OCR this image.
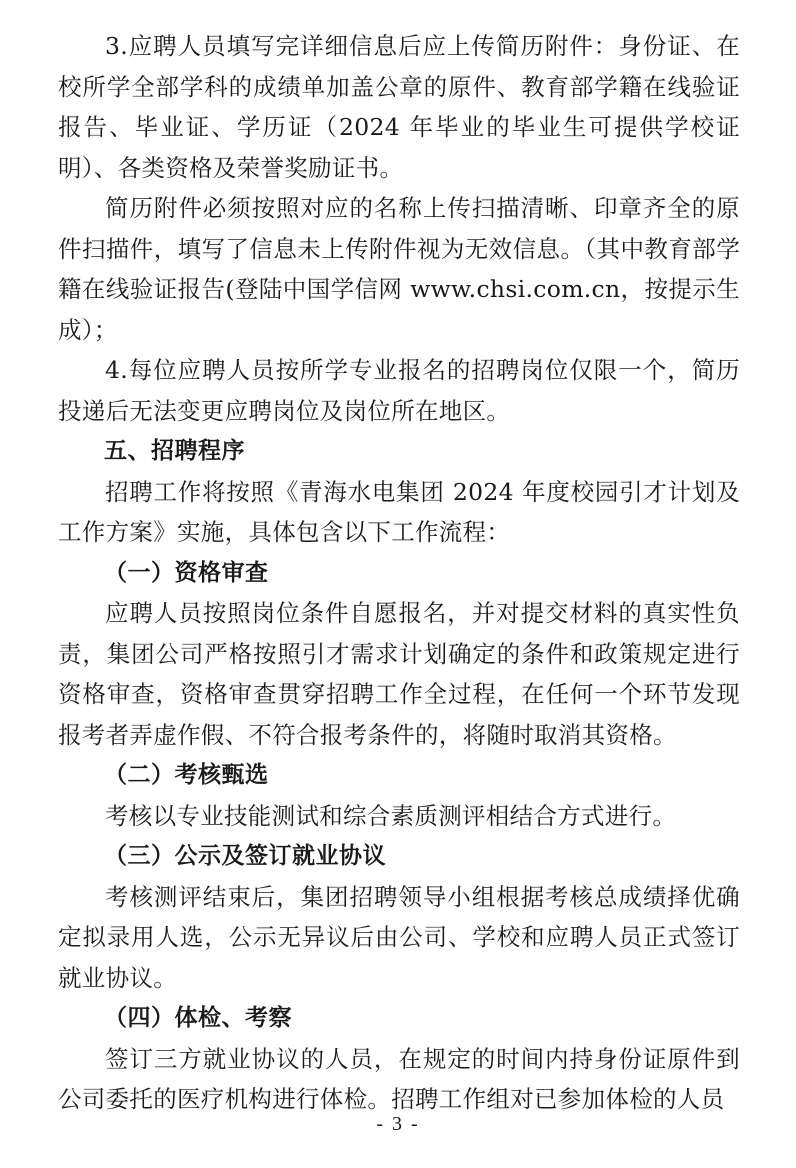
3.应聘人员填写完详细信息后应上传简历附件：身份证、在校所学全部学科的成绩单加盖公章的原件、教育部学籍在线验证报告、毕业证、学历证（2024 年毕业的毕业生可提供学校证明）、各类资格及荣誉奖励证书。

简历附件必须按照对应的名称上传扫描清晰、印章齐全的原件扫描件，填写了信息未上传附件视为无效信息。（其中教育部学籍在线验证报告(登陆中国学信网 www.chsi.com.cn，按提示生成）；

4.每位应聘人员按所学专业报名的招聘岗位仅限一个，简历投递后无法变更应聘岗位及岗位所在地区。

五、招聘程序

招聘工作将按照《青海水电集团 2024 年度校园引才计划及工作方案》实施，具体包含以下工作流程：

（一）资格审查

应聘人员按照岗位条件自愿报名，并对提交材料的真实性负责，集团公司严格按照引才需求计划确定的条件和政策规定进行资格审查，资格审查贯穿招聘工作全过程，在任何一个环节发现报考者弄虚作假、不符合报考条件的，将随时取消其资格。

（二）考核甄选

考核以专业技能测试和综合素质测评相结合方式进行。

（三）公示及签订就业协议

考核测评结束后，集团招聘领导小组根据考核总成绩择优确定拟录用人选，公示无异议后由公司、学校和应聘人员正式签订就业协议。

（四）体检、考察

签订三方就业协议的人员，在规定的时间内持身份证原件到公司委托的医疗机构进行体检。招聘工作组对已参加体检的人员

- 3 -
